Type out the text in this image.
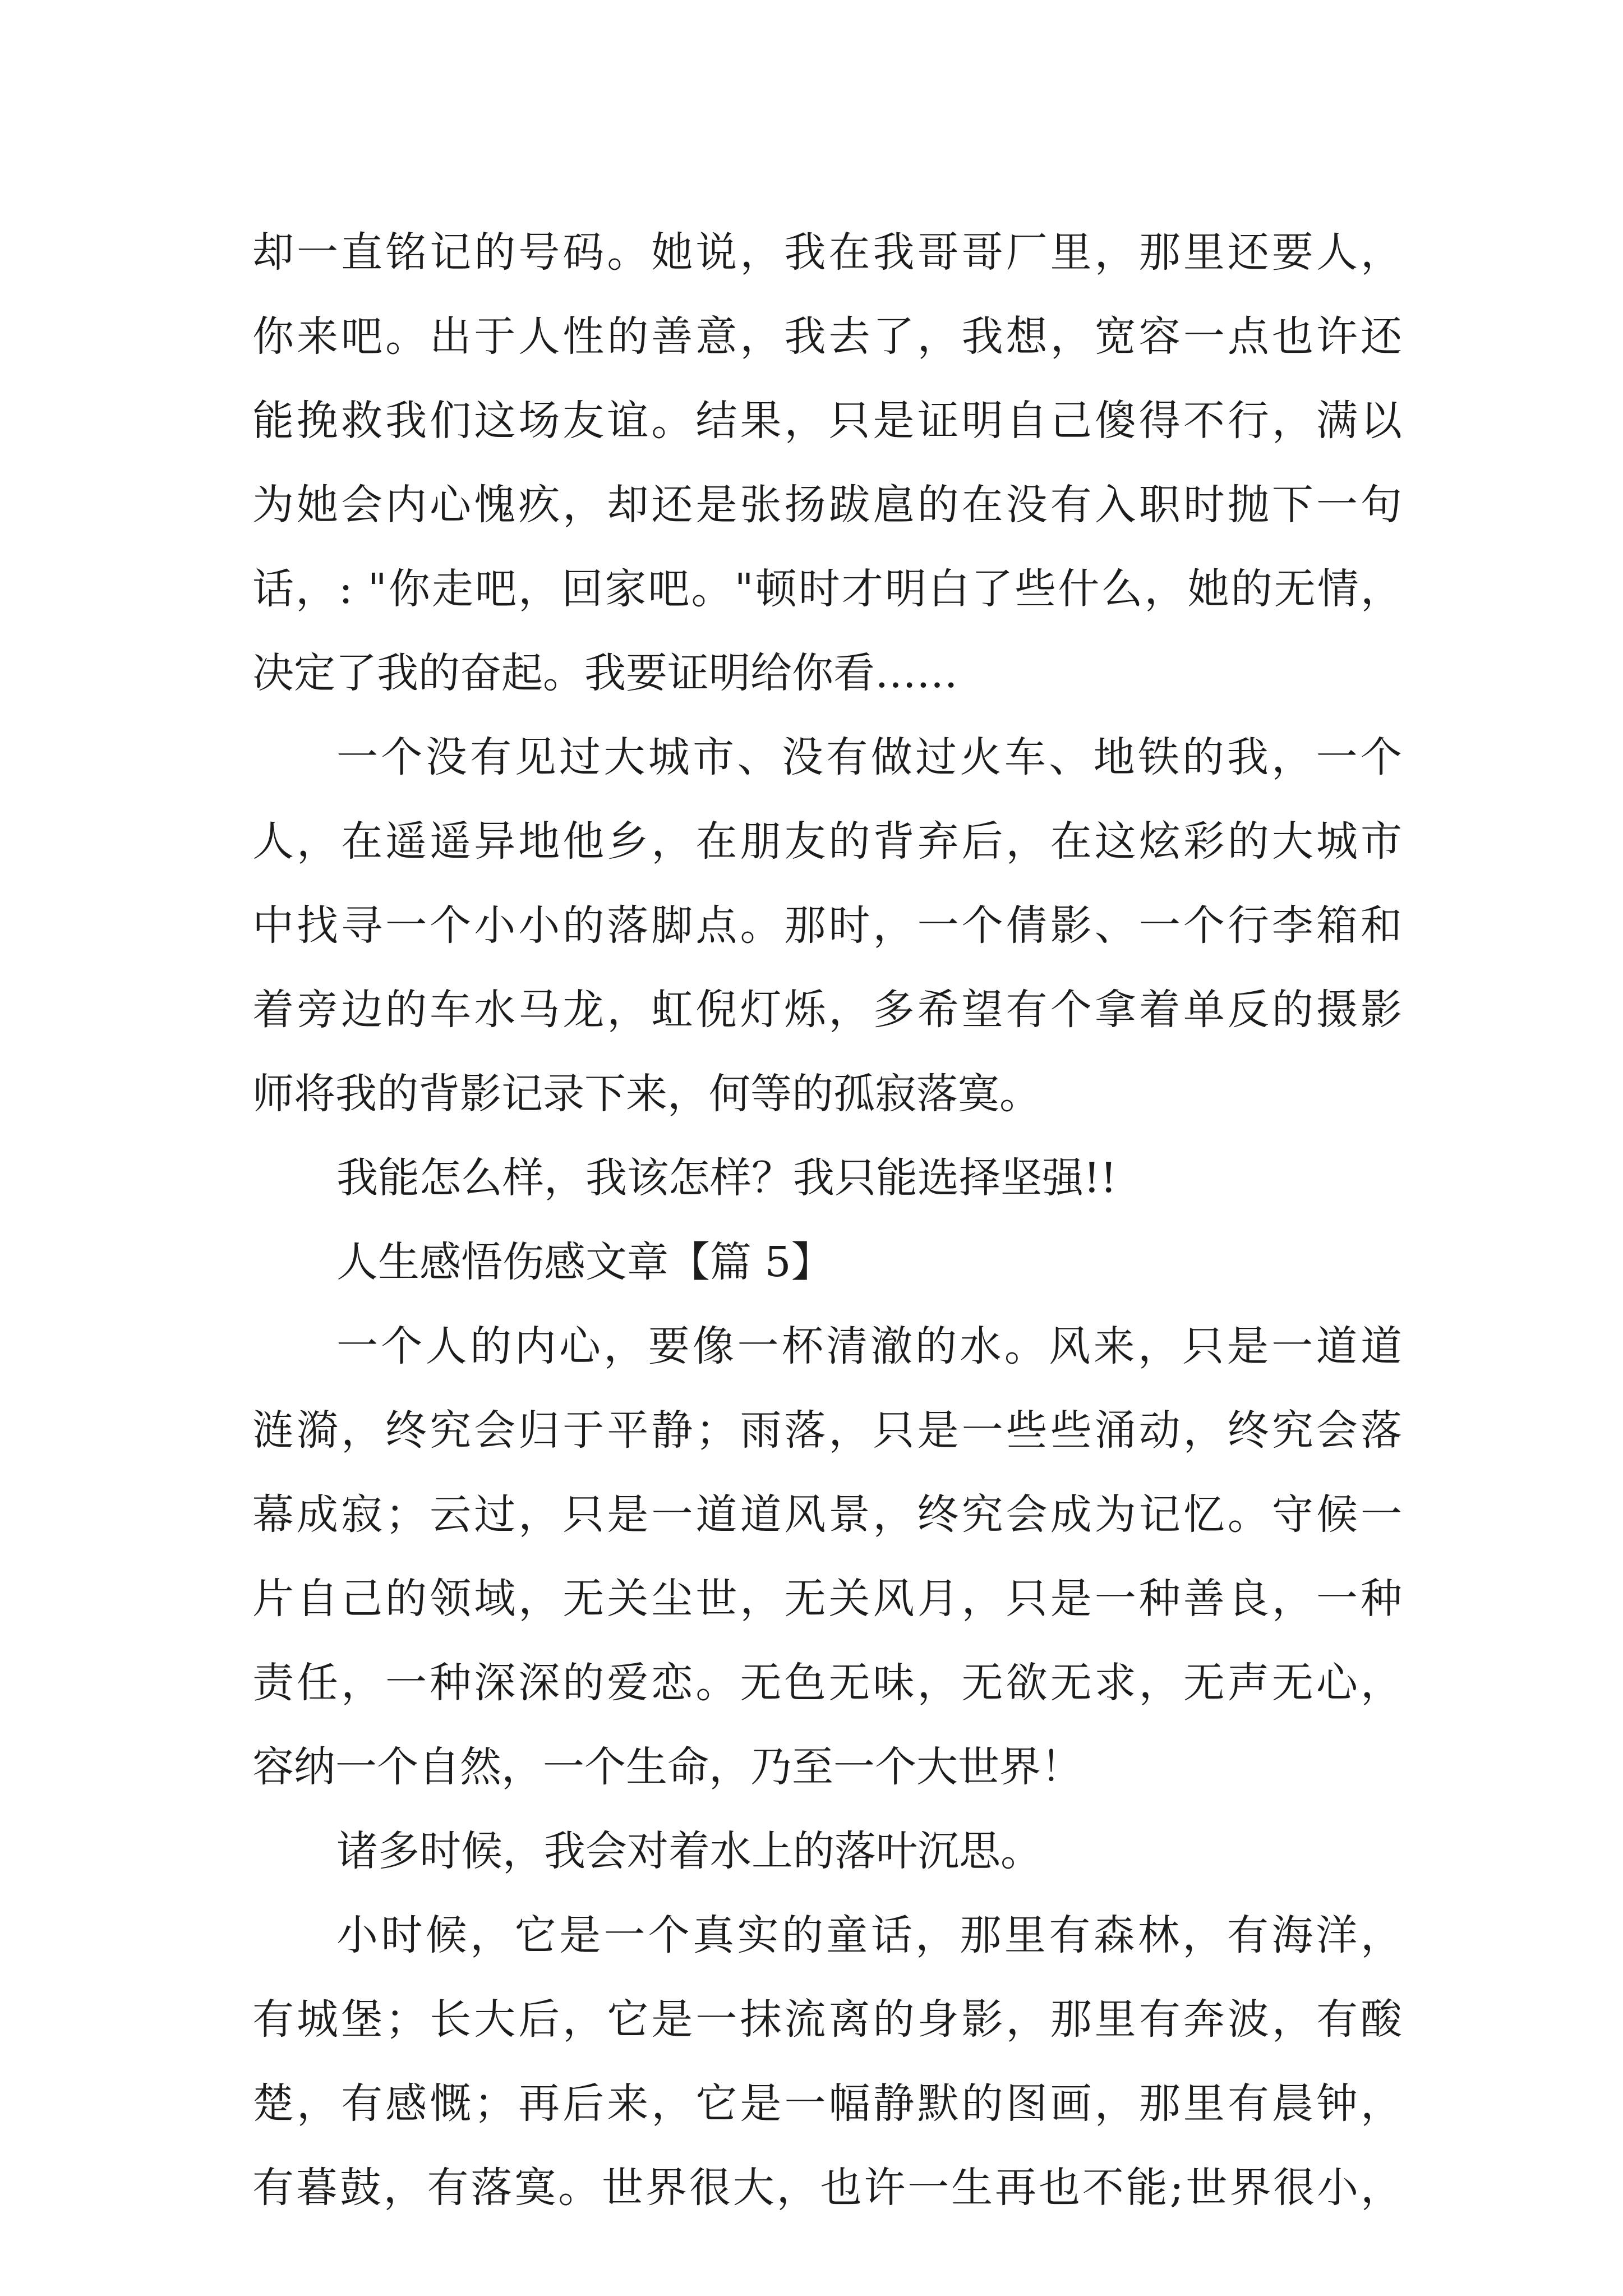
却一直铭记的号码。她说，我在我哥哥厂里，那里还要人，
你来吧。出于人性的善意，我去了，我想，宽容一点也许还
能挽救我们这场友谊。结果，只是证明自己傻得不行，满以
为她会内心愧疚，却还是张扬跋扈的在没有入职时抛下一句
话，: "你走吧，回家吧。"顿时才明白了些什么，她的无情，
决定了我的奋起。我要证明给你看……
一个没有见过大城市、没有做过火车、地铁的我，一个
人，在遥遥异地他乡，在朋友的背弃后，在这炫彩的大城市
中找寻一个小小的落脚点。那时，一个倩影、一个行李箱和
着旁边的车水马龙，虹倪灯烁，多希望有个拿着单反的摄影
师将我的背影记录下来，何等的孤寂落寞。
我能怎么样，我该怎样？我只能选择坚强!!
人生感悟伤感文章【篇 5】
一个人的内心，要像一杯清澈的水。风来，只是一道道
涟漪，终究会归于平静；雨落，只是一些些涌动，终究会落
幕成寂；云过，只是一道道风景，终究会成为记忆。守候一
片自己的领域，无关尘世，无关风月，只是一种善良，一种
责任，一种深深的爱恋。无色无味，无欲无求，无声无心，
容纳一个自然，一个生命，乃至一个大世界！
诸多时候，我会对着水上的落叶沉思。
小时候，它是一个真实的童话，那里有森林，有海洋，
有城堡；长大后，它是一抹流离的身影，那里有奔波，有酸
楚，有感慨；再后来，它是一幅静默的图画，那里有晨钟，
有暮鼓，有落寞。世界很大，也许一生再也不能;世界很小，
